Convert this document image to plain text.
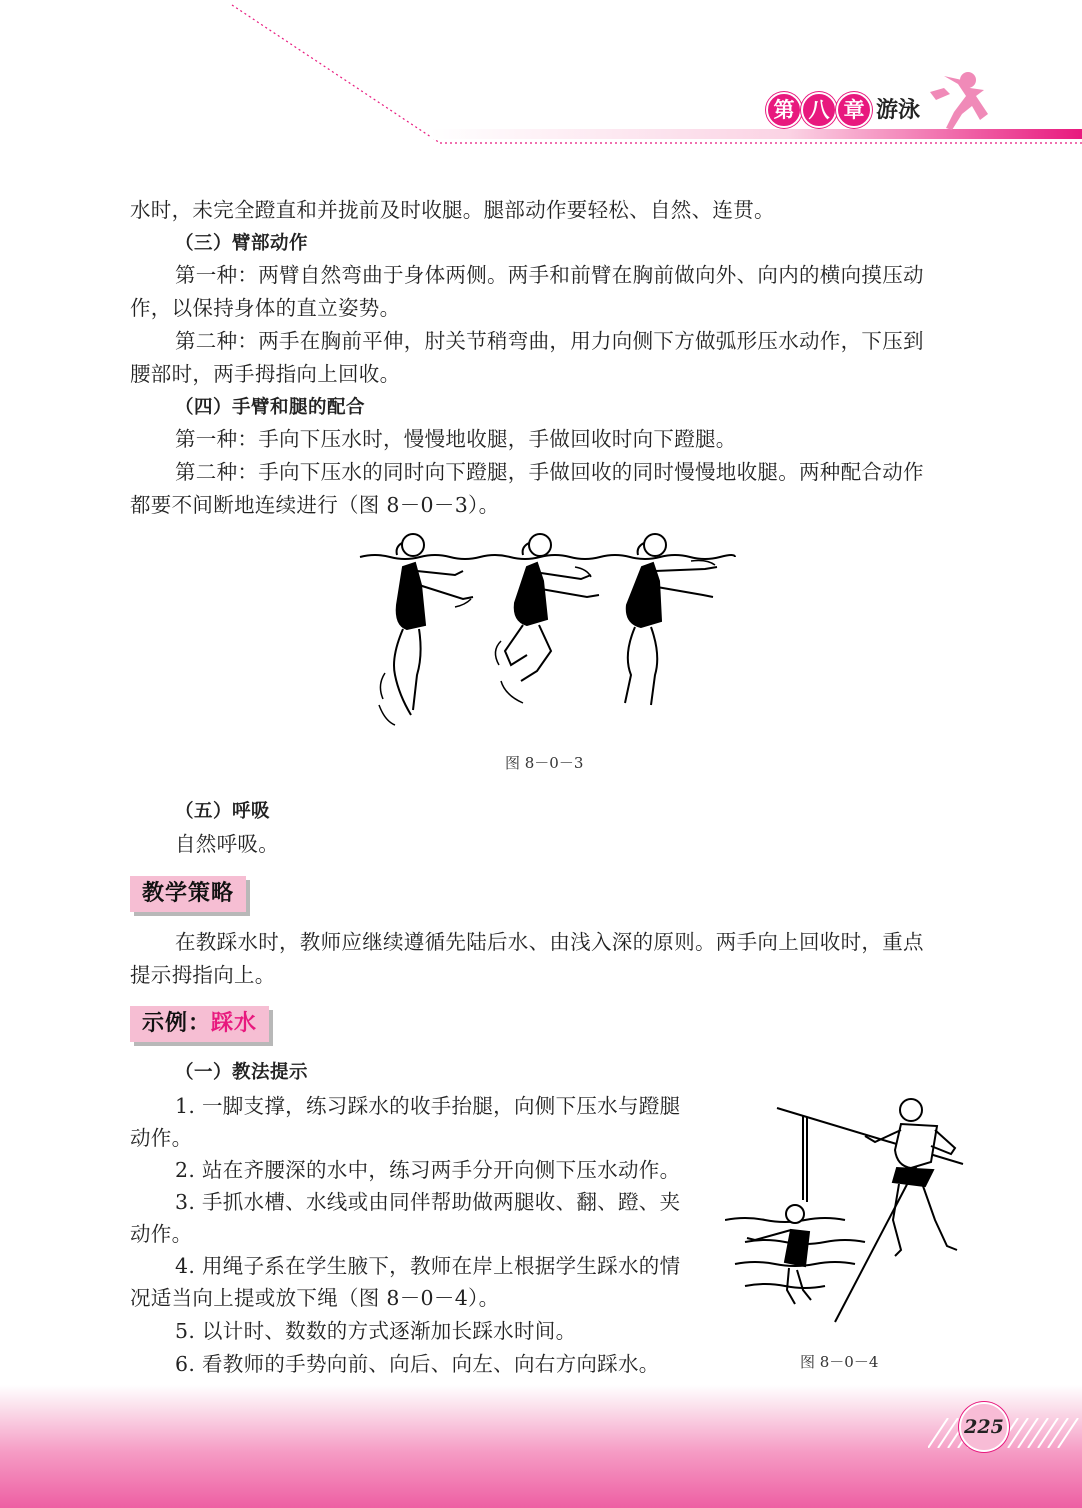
第 八 章 游泳
水时，未完全蹬直和并拢前及时收腿。腿部动作要轻松、自然、连贯。
（三）臂部动作
第一种：两臂自然弯曲于身体两侧。两手和前臂在胸前做向外、向内的横向摸压动
作，以保持身体的直立姿势。
第二种：两手在胸前平伸，肘关节稍弯曲，用力向侧下方做弧形压水动作，下压到
腰部时，两手拇指向上回收。
（四）手臂和腿的配合
第一种：手向下压水时，慢慢地收腿，手做回收时向下蹬腿。
第二种：手向下压水的同时向下蹬腿，手做回收的同时慢慢地收腿。两种配合动作
都要不间断地连续进行（图 8－0－3）。
图 8－0－3
（五）呼吸
自然呼吸。
教学策略
在教踩水时，教师应继续遵循先陆后水、由浅入深的原则。两手向上回收时，重点
提示拇指向上。
示例：踩水
（一）教法提示
1. 一脚支撑，练习踩水的收手抬腿，向侧下压水与蹬腿
动作。
2. 站在齐腰深的水中，练习两手分开向侧下压水动作。
3. 手抓水槽、水线或由同伴帮助做两腿收、翻、蹬、夹
动作。
4. 用绳子系在学生腋下，教师在岸上根据学生踩水的情
况适当向上提或放下绳（图 8－0－4）。
5. 以计时、数数的方式逐渐加长踩水时间。
6. 看教师的手势向前、向后、向左、向右方向踩水。	图 8－0－4
225
